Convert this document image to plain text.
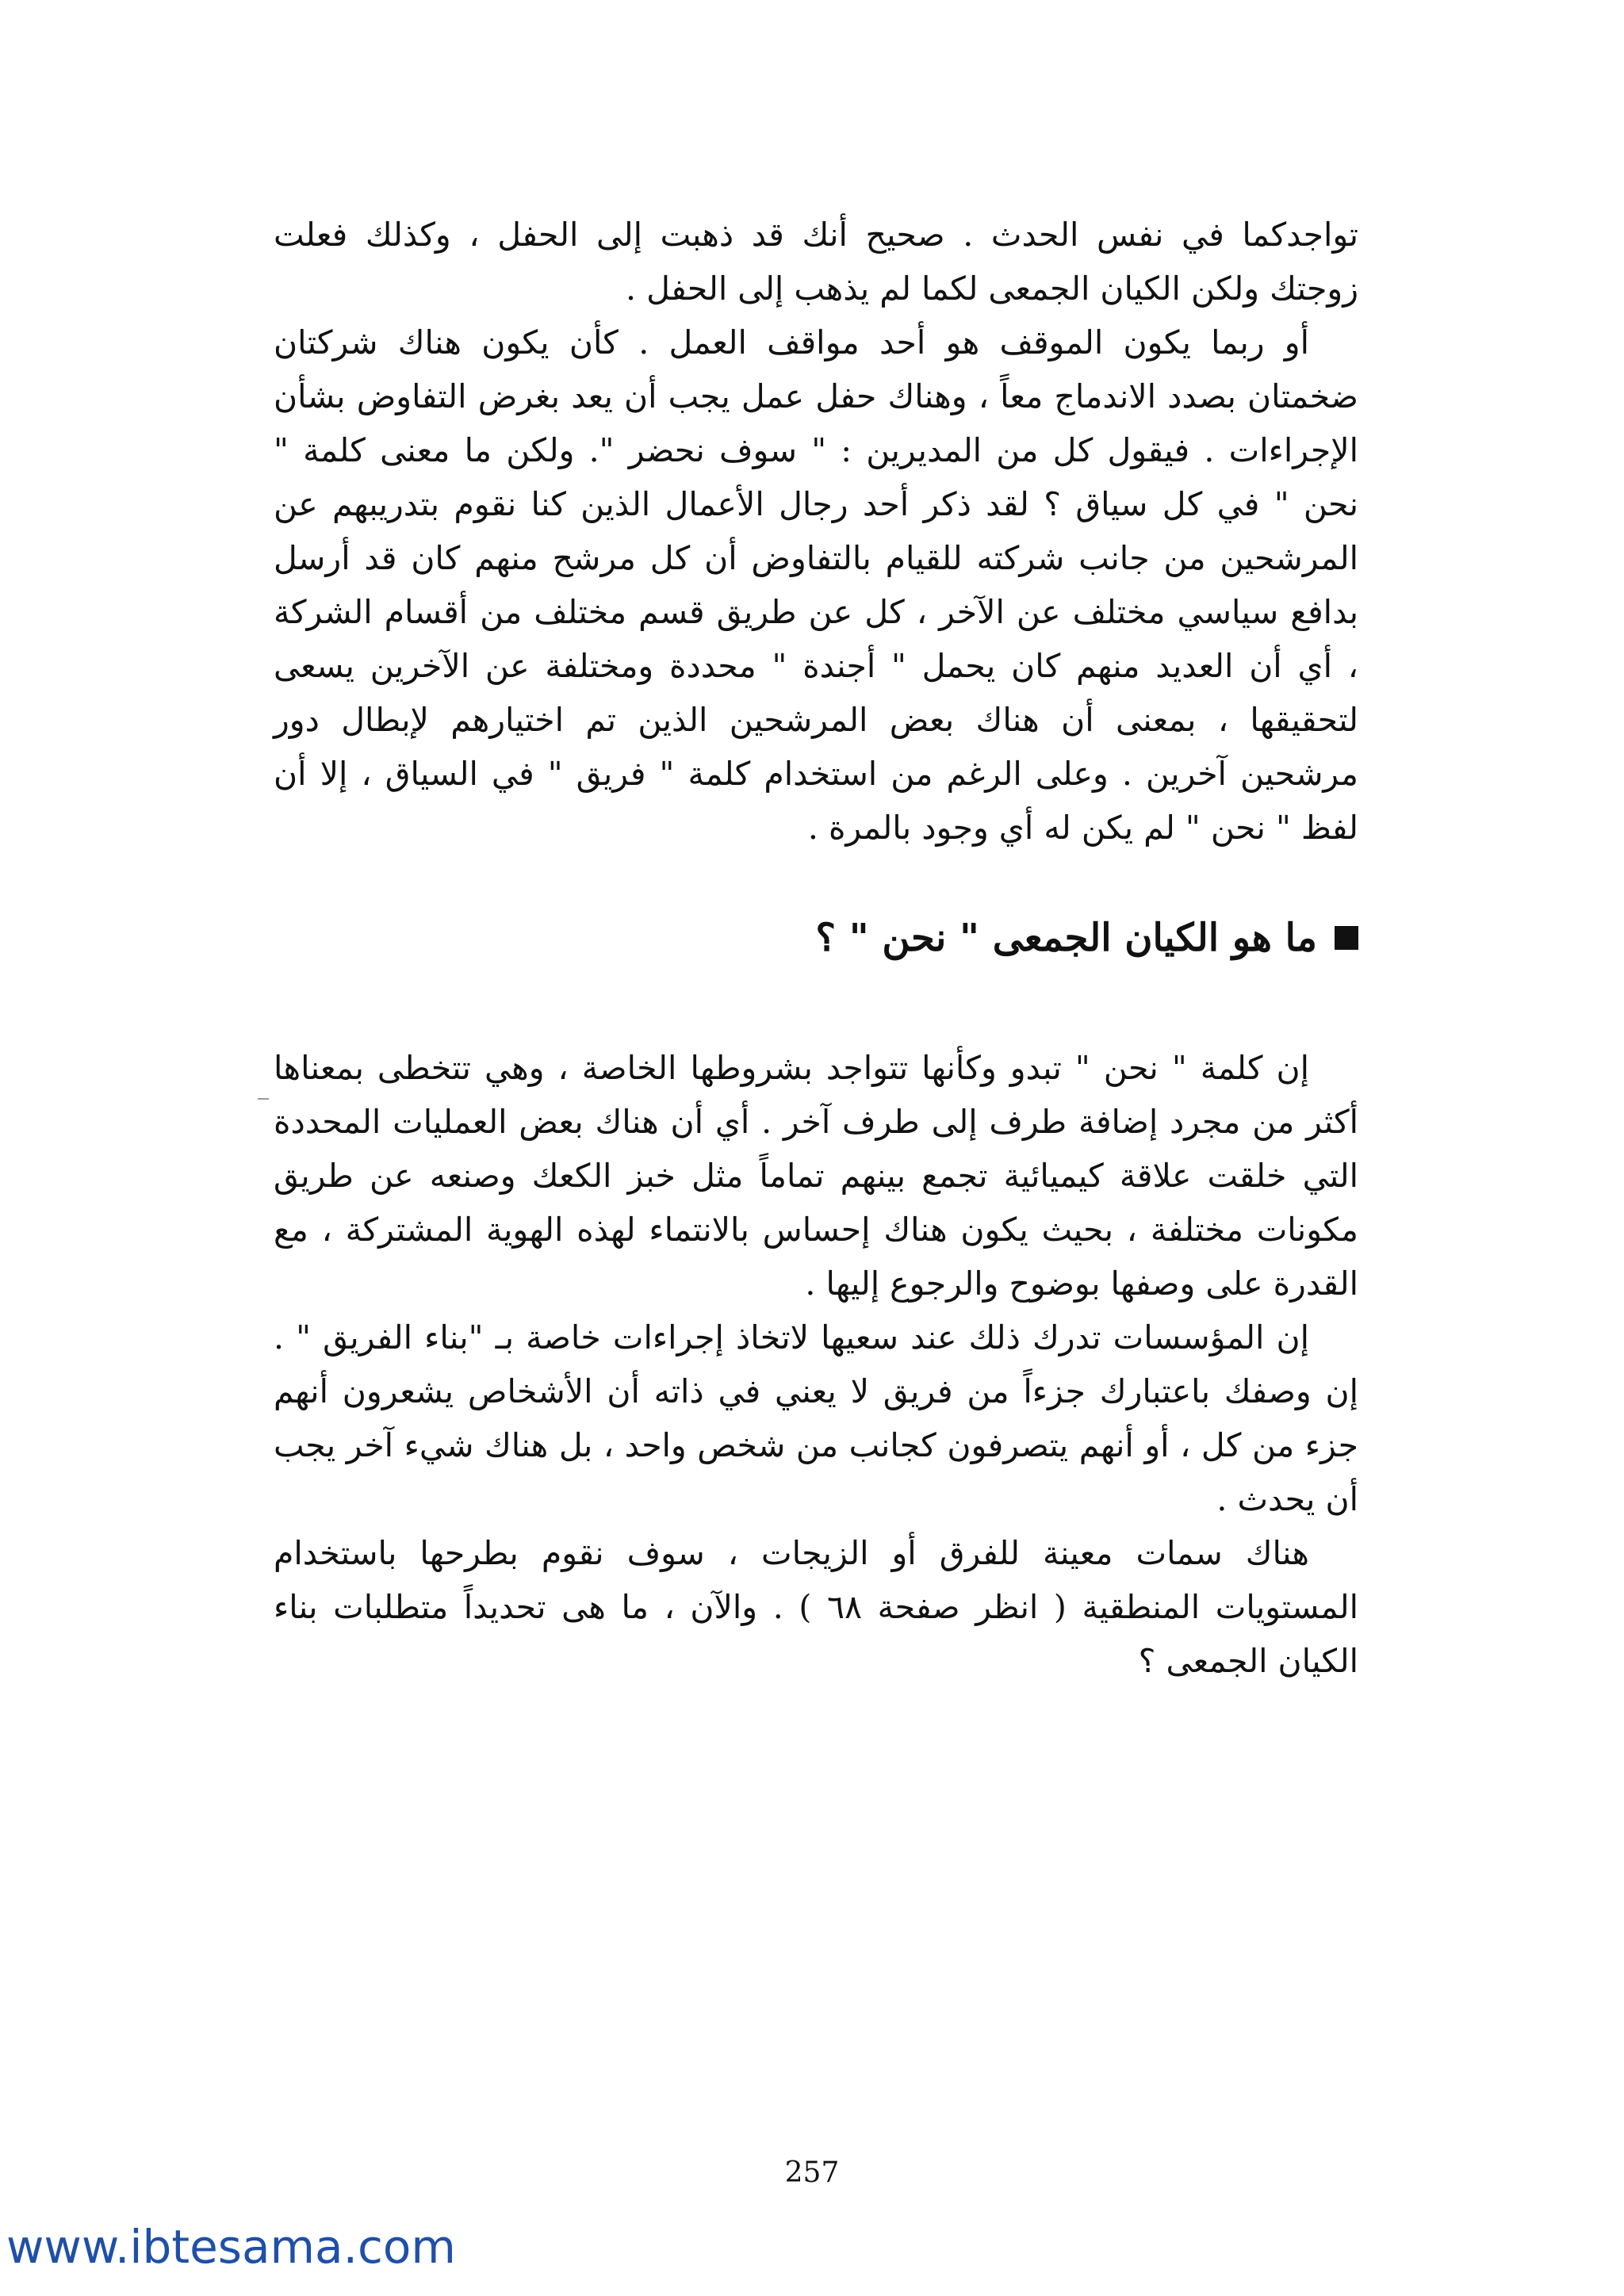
تواجدكما في نفس الحدث . صحيح أنك قد ذهبت إلى الحفل ، وكذلك فعلت زوجتك ولكن الكيان الجمعى لكما لم يذهب إلى الحفل .

أو ربما يكون الموقف هو أحد مواقف العمل . كأن يكون هناك شركتان ضخمتان بصدد الاندماج معاً ، وهناك حفل عمل يجب أن يعد بغرض التفاوض بشأن الإجراءات . فيقول كل من المديرين : " سوف نحضر ". ولكن ما معنى كلمة " نحن " في كل سياق ؟ لقد ذكر أحد رجال الأعمال الذين كنا نقوم بتدريبهم عن المرشحين من جانب شركته للقيام بالتفاوض أن كل مرشح منهم كان قد أرسل بدافع سياسي مختلف عن الآخر ، كل عن طريق قسم مختلف من أقسام الشركة ، أي أن العديد منهم كان يحمل " أجندة " محددة ومختلفة عن الآخرين يسعى لتحقيقها ، بمعنى أن هناك بعض المرشحين الذين تم اختيارهم لإبطال دور مرشحين آخرين . وعلى الرغم من استخدام كلمة " فريق " في السياق ، إلا أن لفظ " نحن " لم يكن له أي وجود بالمرة .

ما هو الكيان الجمعى " نحن " ؟

إن كلمة " نحن " تبدو وكأنها تتواجد بشروطها الخاصة ، وهي تتخطى بمعناها أكثر من مجرد إضافة طرف إلى طرف آخر . أي أن هناك بعض العمليات المحددة التي خلقت علاقة كيميائية تجمع بينهم تماماً مثل خبز الكعك وصنعه عن طريق مكونات مختلفة ، بحيث يكون هناك إحساس بالانتماء لهذه الهوية المشتركة ، مع القدرة على وصفها بوضوح والرجوع إليها .

إن المؤسسات تدرك ذلك عند سعيها لاتخاذ إجراءات خاصة بـ "بناء الفريق " . إن وصفك باعتبارك جزءاً من فريق لا يعني في ذاته أن الأشخاص يشعرون أنهم جزء من كل ، أو أنهم يتصرفون كجانب من شخص واحد ، بل هناك شيء آخر يجب أن يحدث .

هناك سمات معينة للفرق أو الزيجات ، سوف نقوم بطرحها باستخدام المستويات المنطقية ( انظر صفحة ٦٨ ) . والآن ، ما هى تحديداً متطلبات بناء الكيان الجمعى ؟

257
www.ibtesama.com
